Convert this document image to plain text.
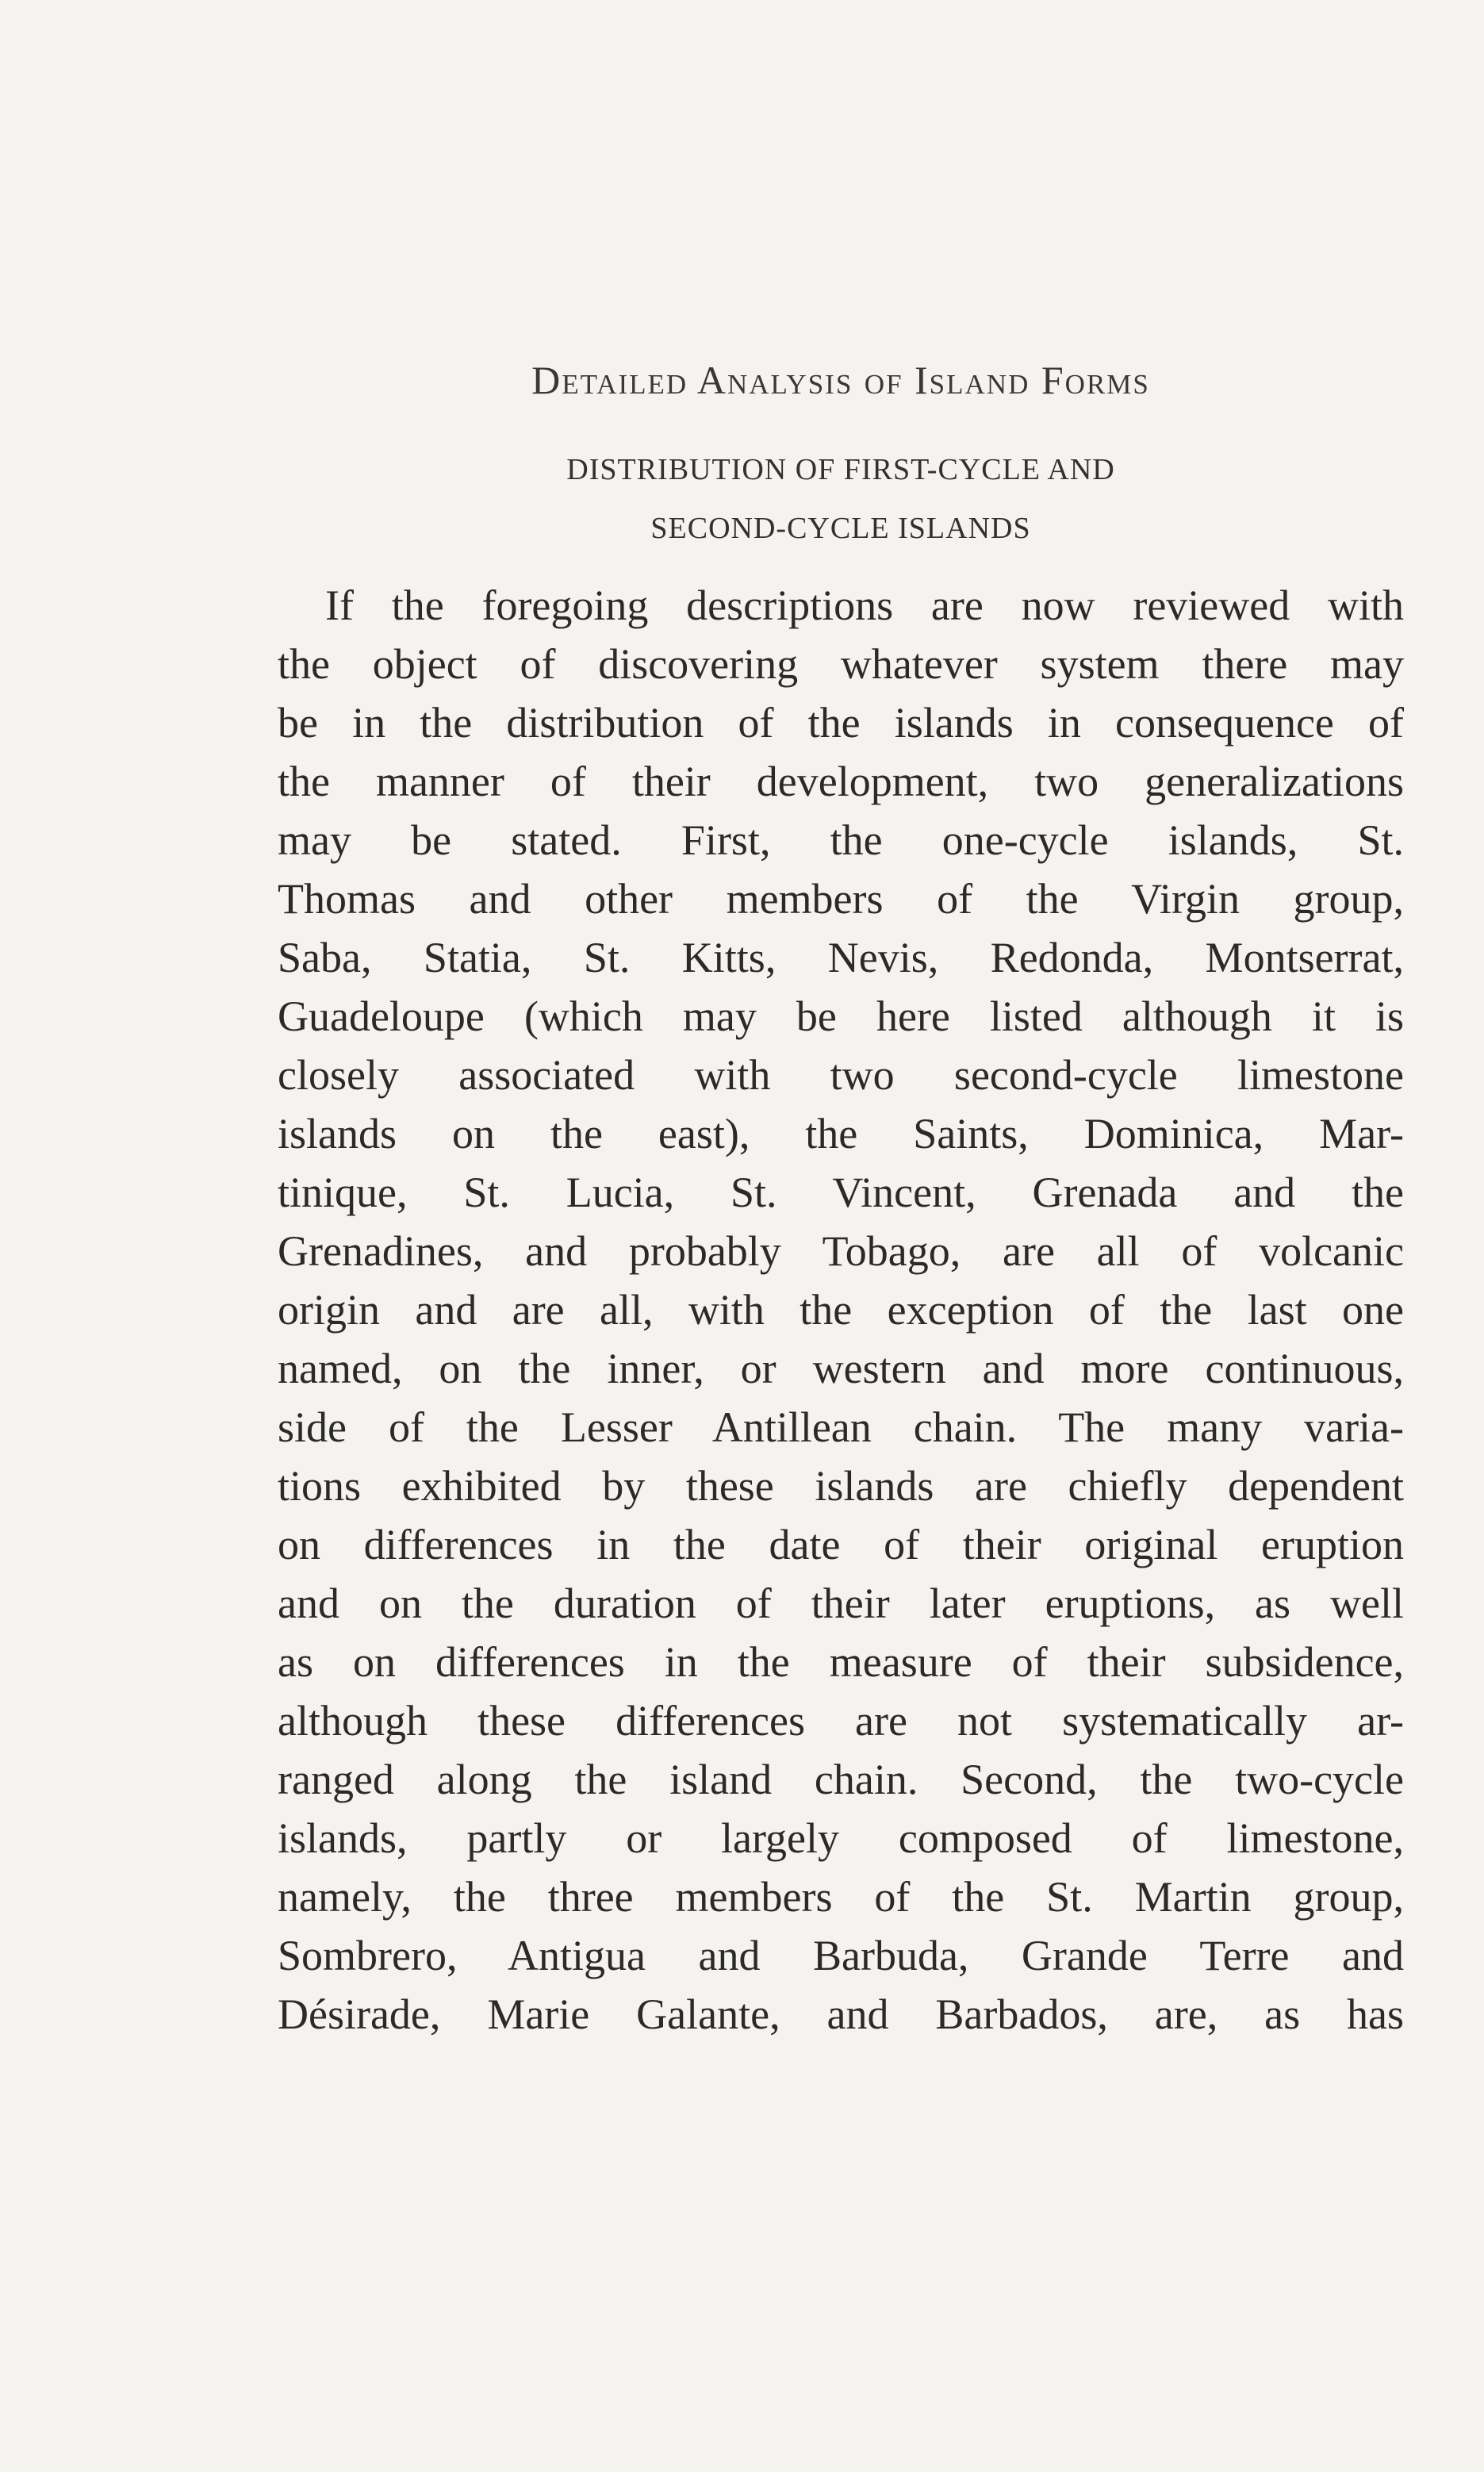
Detailed Analysis of Island Forms
DISTRIBUTION OF FIRST-CYCLE AND
SECOND-CYCLE ISLANDS
If the foregoing descriptions are now reviewed with
the object of discovering whatever system there may
be in the distribution of the islands in consequence of
the manner of their development, two generalizations
may be stated. First, the one-cycle islands, St.
Thomas and other members of the Virgin group,
Saba, Statia, St. Kitts, Nevis, Redonda, Montserrat,
Guadeloupe (which may be here listed although it is
closely associated with two second-cycle limestone
islands on the east), the Saints, Dominica, Mar-
tinique, St. Lucia, St. Vincent, Grenada and the
Grenadines, and probably Tobago, are all of volcanic
origin and are all, with the exception of the last one
named, on the inner, or western and more continuous,
side of the Lesser Antillean chain. The many varia-
tions exhibited by these islands are chiefly dependent
on differences in the date of their original eruption
and on the duration of their later eruptions, as well
as on differences in the measure of their subsidence,
although these differences are not systematically ar-
ranged along the island chain. Second, the two-cycle
islands, partly or largely composed of limestone,
namely, the three members of the St. Martin group,
Sombrero, Antigua and Barbuda, Grande Terre and
Désirade, Marie Galante, and Barbados, are, as has
